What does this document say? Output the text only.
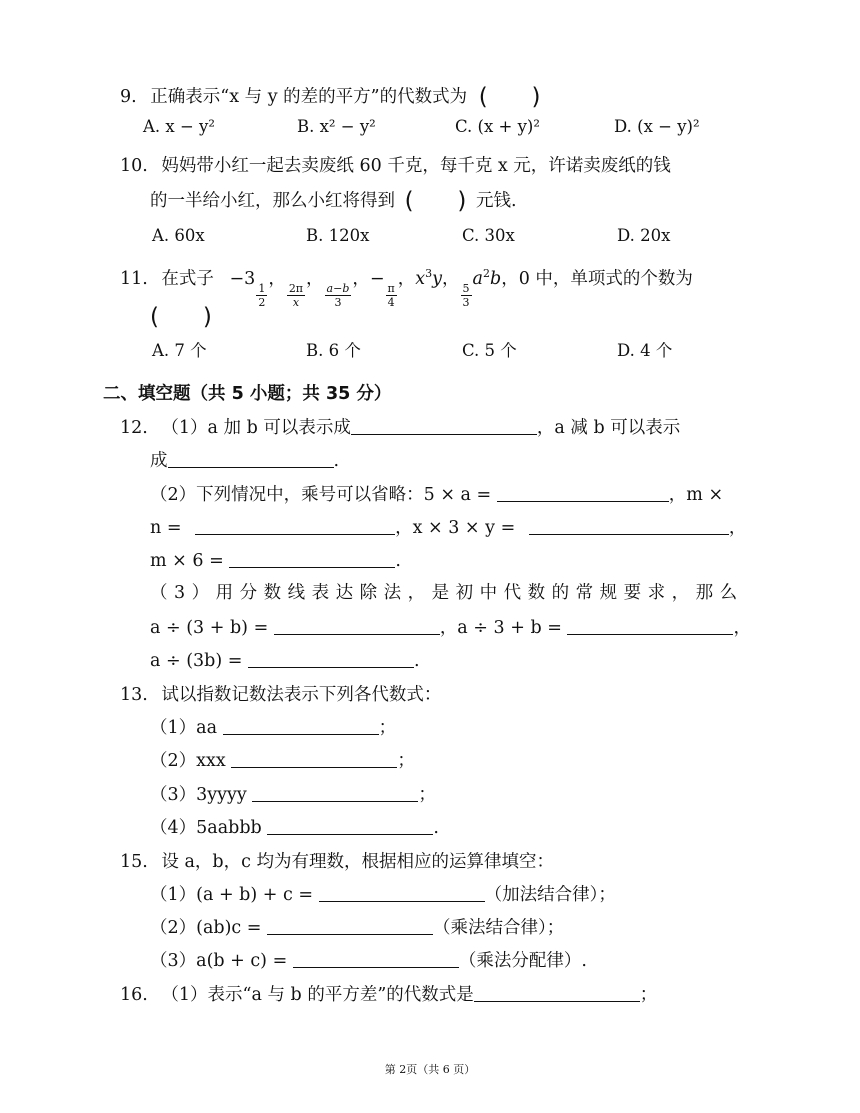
9. 正确表示“x 与 y 的差的平方”的代数式为 (      )
A. x − y²	B. x² − y²	C. (x + y)²	D. (x − y)²
10. 妈妈带小红一起去卖废纸 60 千克，每千克 x 元，许诺卖废纸的钱
的一半给小红，那么小红将得到 (      ) 元钱.
A. 60x	B. 120x	C. 30x	D. 20x
11. 在式子 −3
$\frac{1}{2}$
，
$\frac{2\pi}{x}$
，
$\frac{a-b}{3}$
，−
$\frac{\pi}{4}$
，$x^3y$，
$\frac{5}{3}$
$a^2b$，0 中，单项式的个数为
(      )
A. 7 个	B. 6 个	C. 5 个	D. 4 个
二、填空题（共 5 小题；共 35 分）
12. （1）a 加 b 可以表示成	，a 减 b 可以表示
成	.
（2）下列情况中，乘号可以省略：5 × a =	，m ×
n =	，x × 3 × y =	，
m × 6 =	.
（3）用分数线表达除法，是初中代数的常规要求，那么
a ÷ (3 + b) =	，a ÷ 3 + b =	，
a ÷ (3b) =	.
13. 试以指数记数法表示下列各代数式：
（1）aa	；
（2）xxx	；
（3）3yyyy	；
（4）5aabbb	.
15. 设 a，b，c 均为有理数，根据相应的运算律填空：
（1）(a + b) + c =	（加法结合律）；
（2）(ab)c =	（乘法结合律）；
（3）a(b + c) =	（乘法分配律）.
16. （1）表示“a 与 b 的平方差”的代数式是	；
第 2页（共 6 页）
